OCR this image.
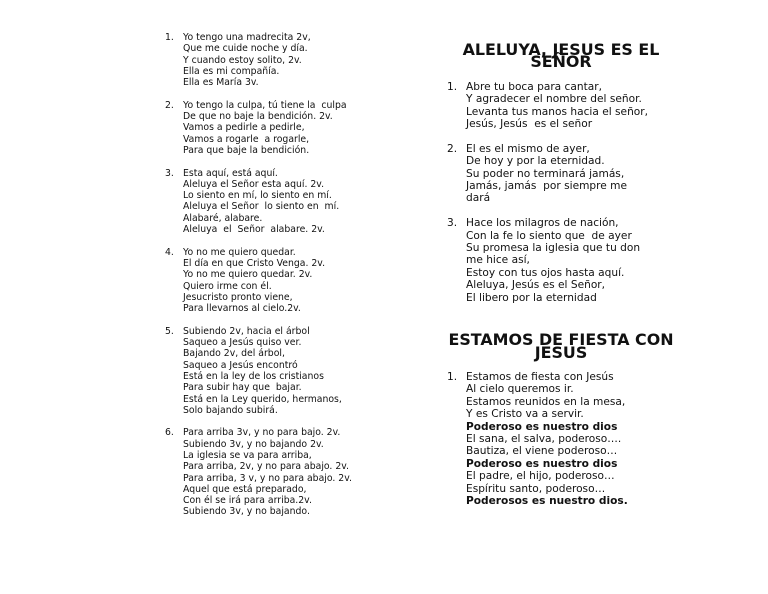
1. Yo tengo una madrecita 2v,
Que me cuide noche y día.
Y cuando estoy solito, 2v.
Ella es mi compañía.
Ella es María 3v.
2. Yo tengo la culpa, tú tiene la  culpa
De que no baje la bendición. 2v.
Vamos a pedirle a pedirle,
Vamos a rogarle  a rogarle,
Para que baje la bendición.
3. Esta aquí, está aquí.
Aleluya el Señor esta aquí. 2v.
Lo siento en mí, lo siento en mí.
Aleluya el Señor  lo siento en  mí.
Alabaré, alabare.
Aleluya  el  Señor  alabare. 2v.
4. Yo no me quiero quedar.
El día en que Cristo Venga. 2v.
Yo no me quiero quedar. 2v.
Quiero irme con él.
Jesucristo pronto viene,
Para llevarnos al cielo.2v.
5. Subiendo 2v, hacia el árbol
Saqueo a Jesús quiso ver.
Bajando 2v, del árbol,
Saqueo a Jesús encontró
Está en la ley de los cristianos
Para subir hay que  bajar.
Está en la Ley querido, hermanos,
Solo bajando subirá.
6. Para arriba 3v, y no para bajo. 2v.
Subiendo 3v, y no bajando 2v.
La iglesia se va para arriba,
Para arriba, 2v, y no para abajo. 2v.
Para arriba, 3 v, y no para abajo. 2v.
Aquel que está preparado,
Con él se irá para arriba.2v.
Subiendo 3v, y no bajando.
ALELUYA, JESUS ES EL SEÑOR
1. Abre tu boca para cantar,
Y agradecer el nombre del señor.
Levanta tus manos hacia el señor,
Jesús, Jesús  es el señor
2. El es el mismo de ayer,
De hoy y por la eternidad.
Su poder no terminará jamás,
Jamás, jamás  por siempre me
dará
3. Hace los milagros de nación,
Con la fe lo siento que  de ayer
Su promesa la iglesia que tu don
me hice así,
Estoy con tus ojos hasta aquí.
Aleluya, Jesús es el Señor,
El libero por la eternidad
ESTAMOS DE FIESTA CON JESUS
1. Estamos de fiesta con Jesús
Al cielo queremos ir.
Estamos reunidos en la mesa,
Y es Cristo va a servir.
Poderoso es nuestro dios
El sana, el salva, poderoso….
Bautiza, el viene poderoso…
Poderoso es nuestro dios
El padre, el hijo, poderoso…
Espíritu santo, poderoso…
Poderosos es nuestro dios.
